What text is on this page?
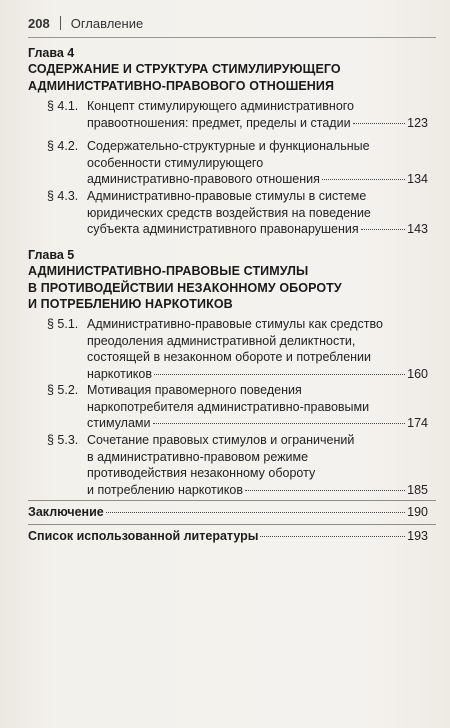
208 Оглавление
Глава 4
СОДЕРЖАНИЕ И СТРУКТУРА СТИМУЛИРУЮЩЕГО
АДМИНИСТРАТИВНО-ПРАВОВОГО ОТНОШЕНИЯ
§ 4.1. Концепт стимулирующего административного
правоотношения: предмет, пределы и стадии	123
§ 4.2. Содержательно-структурные и функциональные
особенности стимулирующего
административно-правового отношения	134
§ 4.3. Административно-правовые стимулы в системе
юридических средств воздействия на поведение
субъекта административного правонарушения	143
Глава 5
АДМИНИСТРАТИВНО-ПРАВОВЫЕ СТИМУЛЫ
В ПРОТИВОДЕЙСТВИИ НЕЗАКОННОМУ ОБОРОТУ
И ПОТРЕБЛЕНИЮ НАРКОТИКОВ
§ 5.1. Административно-правовые стимулы как средство
преодоления административной деликтности,
состоящей в незаконном обороте и потреблении
наркотиков	160
§ 5.2. Мотивация правомерного поведения
наркопотребителя административно-правовыми
стимулами	174
§ 5.3. Сочетание правовых стимулов и ограничений
в административно-правовом режиме
противодействия незаконному обороту
и потреблению наркотиков	185
Заключение	190
Список использованной литературы	193
